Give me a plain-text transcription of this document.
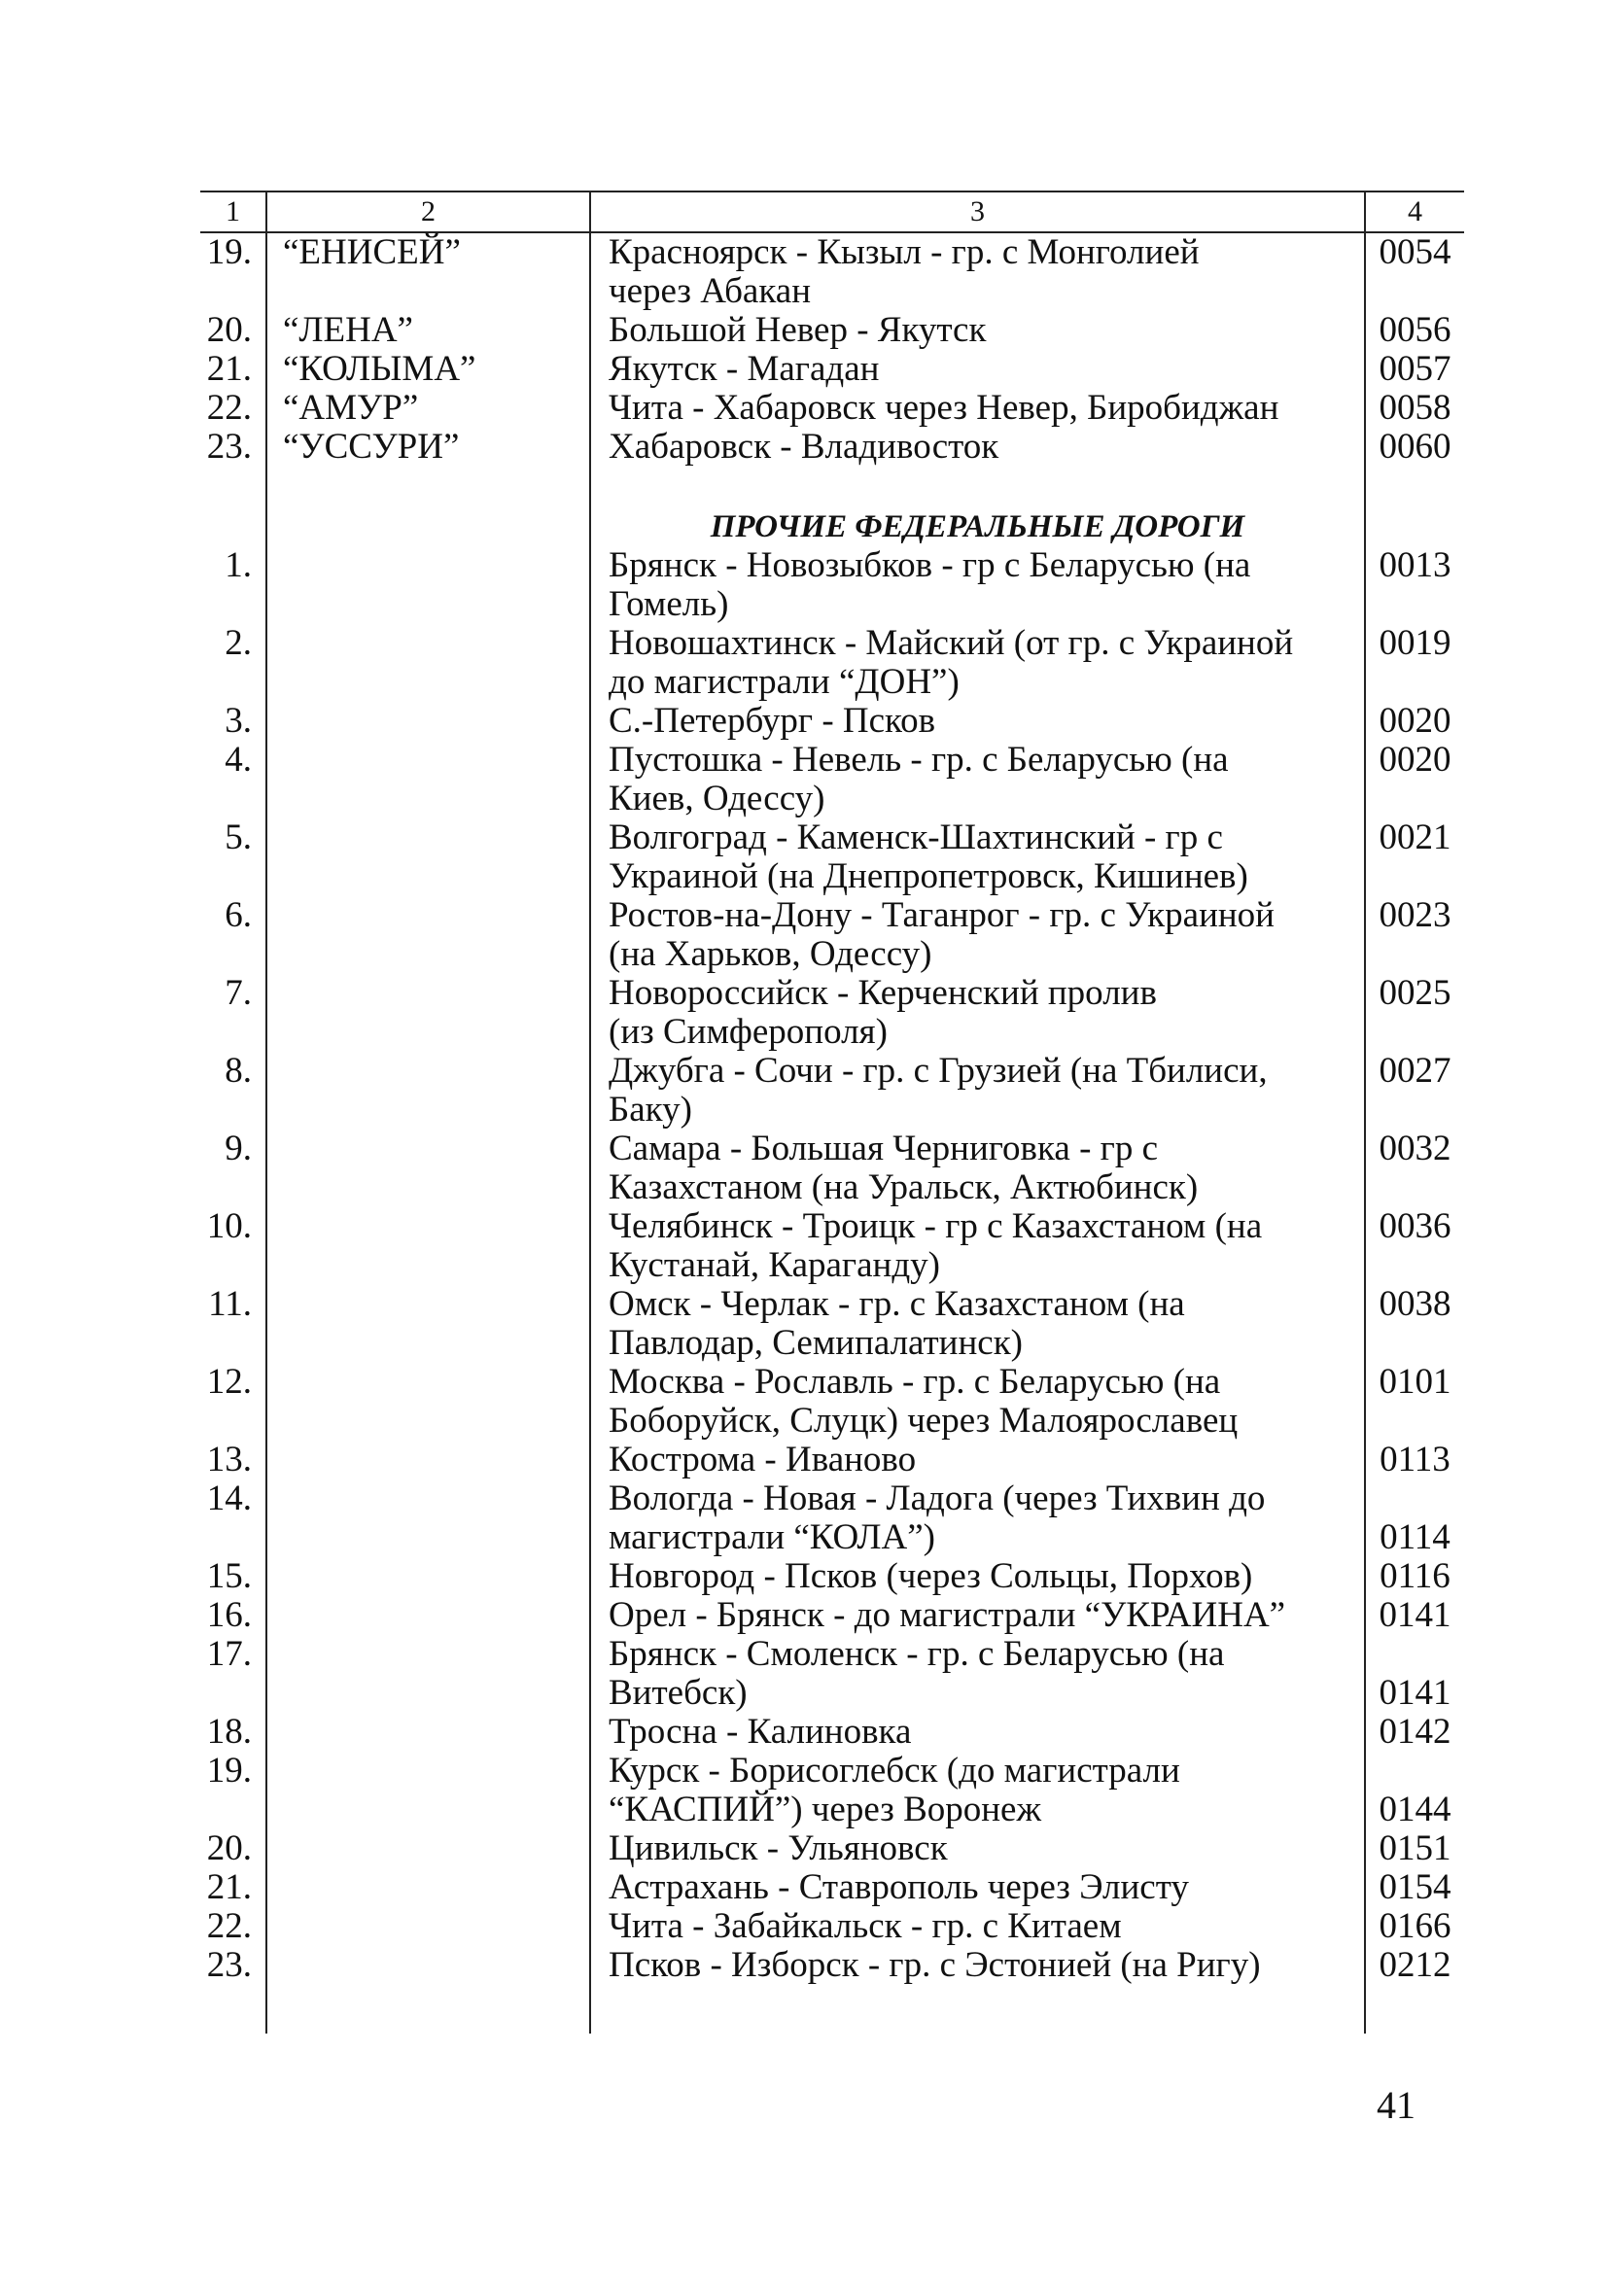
1	2	3	4
19.	“ЕНИСЕЙ”	Красноярск - Кызыл - гр. с Монголией
через Абакан	0054

20.	“ЛЕНА”	Большой Невер - Якутск	0056

21.	“КОЛЫМА”	Якутск - Магадан	0057

22.	“АМУР”	Чита - Хабаровск через Невер, Биробиджан	0058

23.	“УССУРИ”	Хабаровск - Владивосток	0060

		ПРОЧИЕ ФЕДЕРАЛЬНЫЕ ДОРОГИ	
1.		Брянск - Новозыбков - гр с Беларусью (на
Гомель)	0013

2.		Новошахтинск - Майский (от гр. с Украиной
до магистрали “ДОН”)	0019

3.		С.-Петербург - Псков	0020

4.		Пустошка - Невель - гр. с Беларусью (на
Киев, Одессу)	0020

5.		Волгоград - Каменск-Шахтинский - гр с
Украиной (на Днепропетровск, Кишинев)	0021

6.		Ростов-на-Дону - Таганрог - гр. с Украиной
(на Харьков, Одессу)	0023

7.		Новороссийск - Керченский пролив
(из Симферополя)	0025

8.		Джубга - Сочи - гр. с Грузией (на Тбилиси,
Баку)	0027

9.		Самара - Большая Черниговка - гр с
Казахстаном (на Уральск, Актюбинск)	0032

10.		Челябинск - Троицк - гр с Казахстаном (на
Кустанай, Караганду)	0036

11.		Омск - Черлак - гр. с Казахстаном (на
Павлодар, Семипалатинск)	0038

12.		Москва - Рославль - гр. с Беларусью (на
Боборуйск, Слуцк) через Малоярославец	0101

13.		Кострома - Иваново	0113

14.		Вологда - Новая - Ладога (через Тихвин до
магистрали “КОЛА”)	0114

15.		Новгород - Псков (через Сольцы, Порхов)	0116

16.		Орел - Брянск - до магистрали “УКРАИНА”	0141

17.		Брянск - Смоленск - гр. с Беларусью (на
Витебск)	0141

18.		Тросна - Калиновка	0142

19.		Курск - Борисоглебск (до магистрали
“КАСПИЙ”) через Воронеж	0144

20.		Цивильск - Ульяновск	0151

21.		Астрахань - Ставрополь через Элисту	0154

22.		Чита - Забайкальск - гр. с Китаем	0166

23.		Псков - Изборск - гр. с Эстонией (на Ригу)	0212

41
